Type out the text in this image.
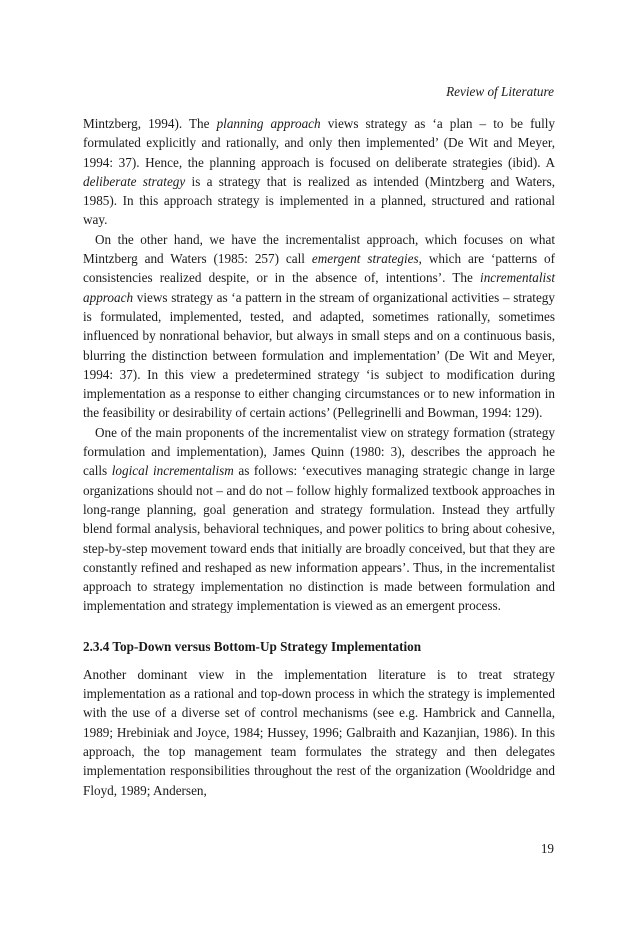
Review of Literature

Mintzberg, 1994). The planning approach views strategy as ‘a plan – to be fully formulated explicitly and rationally, and only then implemented’ (De Wit and Meyer, 1994: 37). Hence, the planning approach is focused on deliberate strategies (ibid). A deliberate strategy is a strategy that is realized as intended (Mintzberg and Waters, 1985). In this approach strategy is implemented in a planned, structured and rational way.

On the other hand, we have the incrementalist approach, which focuses on what Mintzberg and Waters (1985: 257) call emergent strategies, which are ‘patterns of consistencies realized despite, or in the absence of, intentions’. The incrementalist approach views strategy as ‘a pattern in the stream of organizational activities – strategy is formulated, implemented, tested, and adapted, sometimes rationally, sometimes influenced by nonrational behavior, but always in small steps and on a continuous basis, blurring the distinction between formulation and implementation’ (De Wit and Meyer, 1994: 37). In this view a predetermined strategy ‘is subject to modification during implementation as a response to either changing circumstances or to new information in the feasibility or desirability of certain actions’ (Pellegrinelli and Bowman, 1994: 129).

One of the main proponents of the incrementalist view on strategy formation (strategy formulation and implementation), James Quinn (1980: 3), describes the approach he calls logical incrementalism as follows: ‘executives managing strategic change in large organizations should not – and do not – follow highly formalized textbook approaches in long-range planning, goal generation and strategy formulation. Instead they artfully blend formal analysis, behavioral techniques, and power politics to bring about cohesive, step-by-step movement toward ends that initially are broadly conceived, but that they are constantly refined and reshaped as new information appears’. Thus, in the incrementalist approach to strategy implementation no distinction is made between formulation and implementation and strategy implementation is viewed as an emergent process.

2.3.4 Top-Down versus Bottom-Up Strategy Implementation

Another dominant view in the implementation literature is to treat strategy implementation as a rational and top-down process in which the strategy is implemented with the use of a diverse set of control mechanisms (see e.g. Hambrick and Cannella, 1989; Hrebiniak and Joyce, 1984; Hussey, 1996; Galbraith and Kazanjian, 1986). In this approach, the top management team formulates the strategy and then delegates implementation responsibilities throughout the rest of the organization (Wooldridge and Floyd, 1989; Andersen,

19
